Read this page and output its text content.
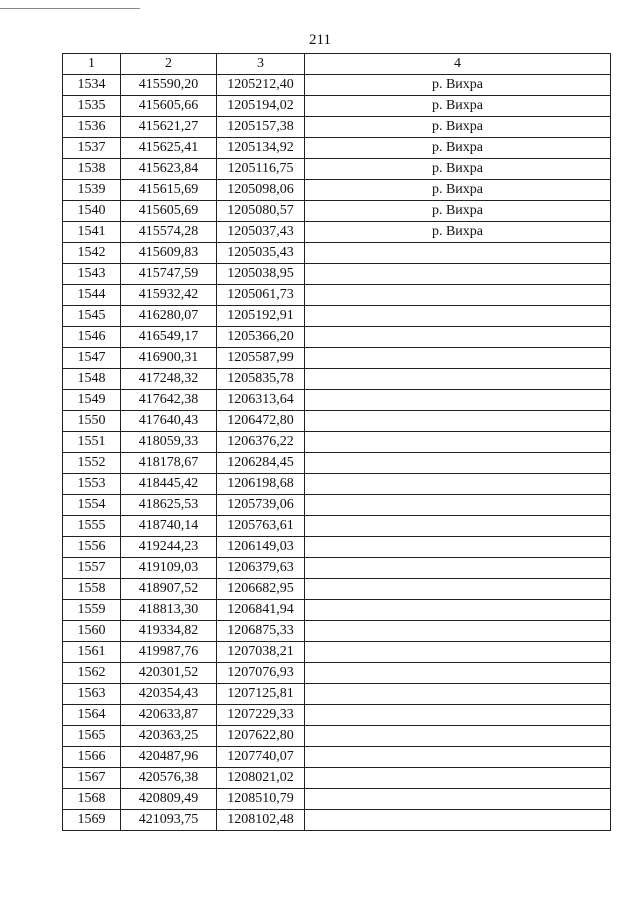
211
1	2	3	4
1534	415590,20	1205212,40	р. Вихра
1535	415605,66	1205194,02	р. Вихра
1536	415621,27	1205157,38	р. Вихра
1537	415625,41	1205134,92	р. Вихра
1538	415623,84	1205116,75	р. Вихра
1539	415615,69	1205098,06	р. Вихра
1540	415605,69	1205080,57	р. Вихра
1541	415574,28	1205037,43	р. Вихра
1542	415609,83	1205035,43	
1543	415747,59	1205038,95	
1544	415932,42	1205061,73	
1545	416280,07	1205192,91	
1546	416549,17	1205366,20	
1547	416900,31	1205587,99	
1548	417248,32	1205835,78	
1549	417642,38	1206313,64	
1550	417640,43	1206472,80	
1551	418059,33	1206376,22	
1552	418178,67	1206284,45	
1553	418445,42	1206198,68	
1554	418625,53	1205739,06	
1555	418740,14	1205763,61	
1556	419244,23	1206149,03	
1557	419109,03	1206379,63	
1558	418907,52	1206682,95	
1559	418813,30	1206841,94	
1560	419334,82	1206875,33	
1561	419987,76	1207038,21	
1562	420301,52	1207076,93	
1563	420354,43	1207125,81	
1564	420633,87	1207229,33	
1565	420363,25	1207622,80	
1566	420487,96	1207740,07	
1567	420576,38	1208021,02	
1568	420809,49	1208510,79	
1569	421093,75	1208102,48	
